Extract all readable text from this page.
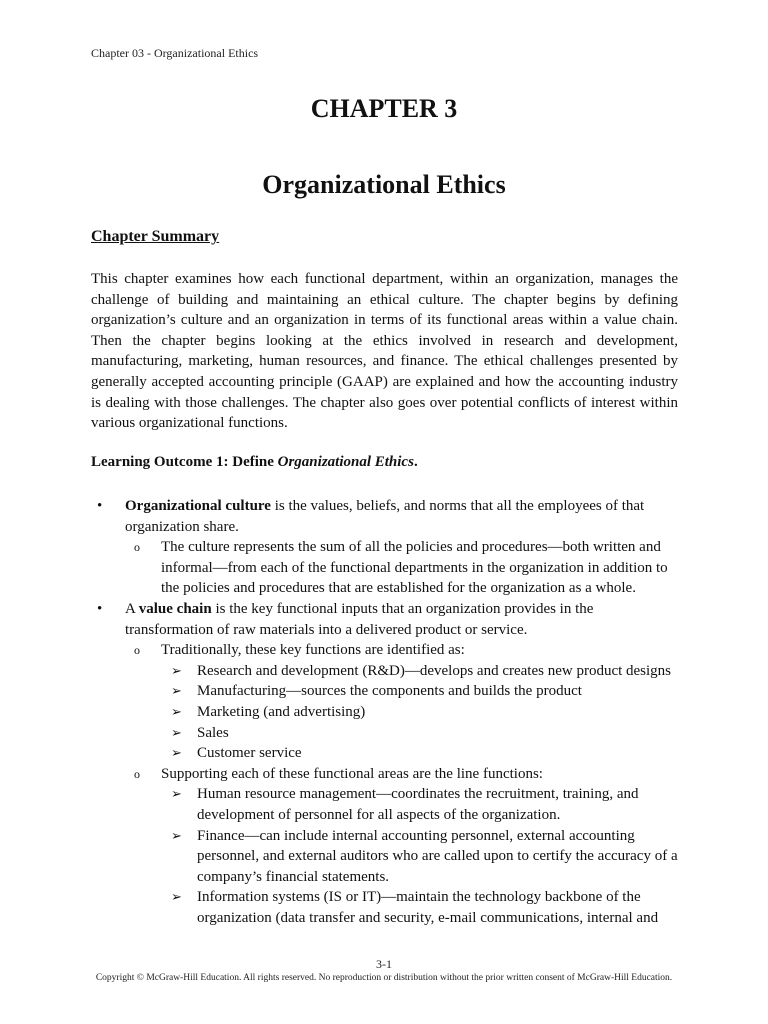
Chapter 03 - Organizational Ethics
CHAPTER 3
Organizational Ethics
Chapter Summary

This chapter examines how each functional department, within an organization, manages the challenge of building and maintaining an ethical culture. The chapter begins by defining organization’s culture and an organization in terms of its functional areas within a value chain. Then the chapter begins looking at the ethics involved in research and development, manufacturing, marketing, human resources, and finance. The ethical challenges presented by generally accepted accounting principle (GAAP) are explained and how the accounting industry is dealing with those challenges. The chapter also goes over potential conflicts of interest within various organizational functions.

Learning Outcome 1: Define Organizational Ethics.
• Organizational culture is the values, beliefs, and norms that all the employees of that organization share.
o The culture represents the sum of all the policies and procedures—both written and informal—from each of the functional departments in the organization in addition to the policies and procedures that are established for the organization as a whole.
• A value chain is the key functional inputs that an organization provides in the transformation of raw materials into a delivered product or service.
o Traditionally, these key functions are identified as:
➢ Research and development (R&D)—develops and creates new product designs
➢ Manufacturing—sources the components and builds the product
➢ Marketing (and advertising)
➢ Sales
➢ Customer service
o Supporting each of these functional areas are the line functions:
➢ Human resource management—coordinates the recruitment, training, and development of personnel for all aspects of the organization.
➢ Finance—can include internal accounting personnel, external accounting personnel, and external auditors who are called upon to certify the accuracy of a company’s financial statements.
➢ Information systems (IS or IT)—maintain the technology backbone of the organization (data transfer and security, e-mail communications, internal and
3-1
Copyright © McGraw-Hill Education. All rights reserved. No reproduction or distribution without the prior written consent of McGraw-Hill Education.
